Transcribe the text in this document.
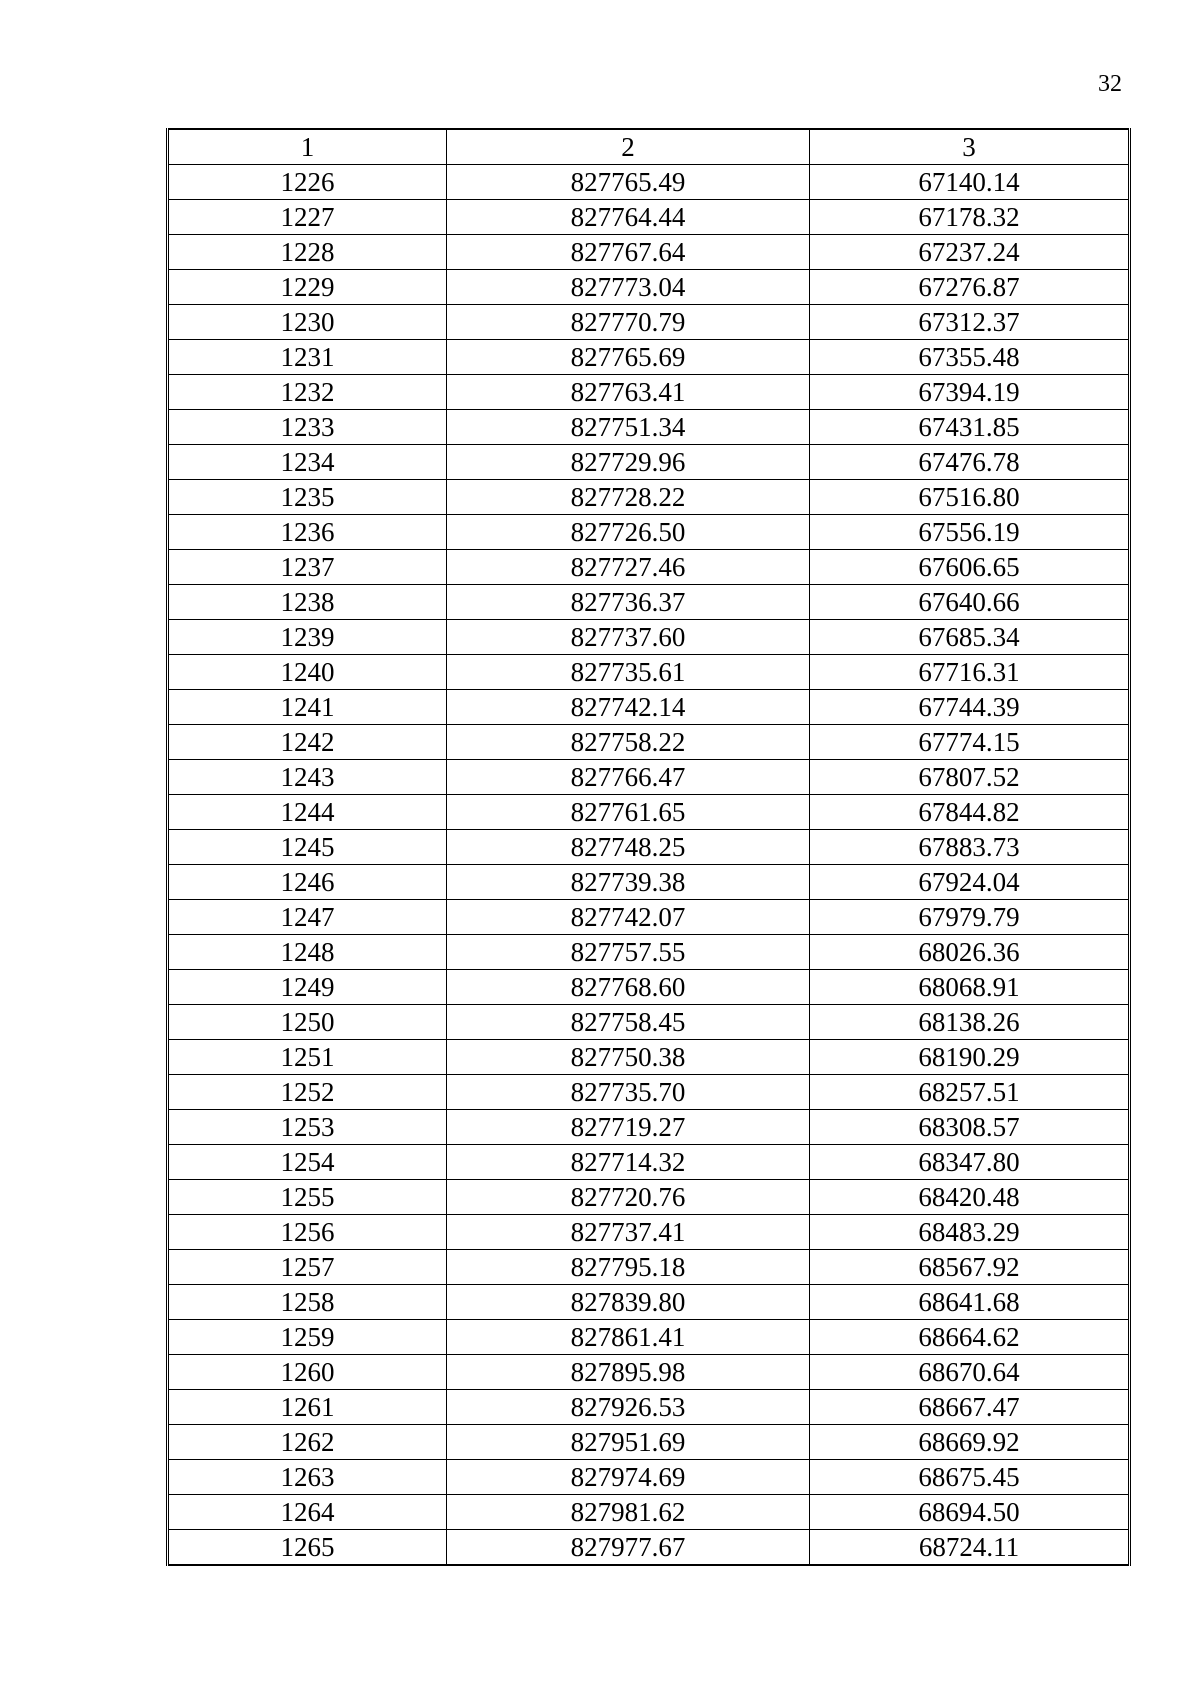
32
1	2	3
1226	827765.49	67140.14
1227	827764.44	67178.32
1228	827767.64	67237.24
1229	827773.04	67276.87
1230	827770.79	67312.37
1231	827765.69	67355.48
1232	827763.41	67394.19
1233	827751.34	67431.85
1234	827729.96	67476.78
1235	827728.22	67516.80
1236	827726.50	67556.19
1237	827727.46	67606.65
1238	827736.37	67640.66
1239	827737.60	67685.34
1240	827735.61	67716.31
1241	827742.14	67744.39
1242	827758.22	67774.15
1243	827766.47	67807.52
1244	827761.65	67844.82
1245	827748.25	67883.73
1246	827739.38	67924.04
1247	827742.07	67979.79
1248	827757.55	68026.36
1249	827768.60	68068.91
1250	827758.45	68138.26
1251	827750.38	68190.29
1252	827735.70	68257.51
1253	827719.27	68308.57
1254	827714.32	68347.80
1255	827720.76	68420.48
1256	827737.41	68483.29
1257	827795.18	68567.92
1258	827839.80	68641.68
1259	827861.41	68664.62
1260	827895.98	68670.64
1261	827926.53	68667.47
1262	827951.69	68669.92
1263	827974.69	68675.45
1264	827981.62	68694.50
1265	827977.67	68724.11
